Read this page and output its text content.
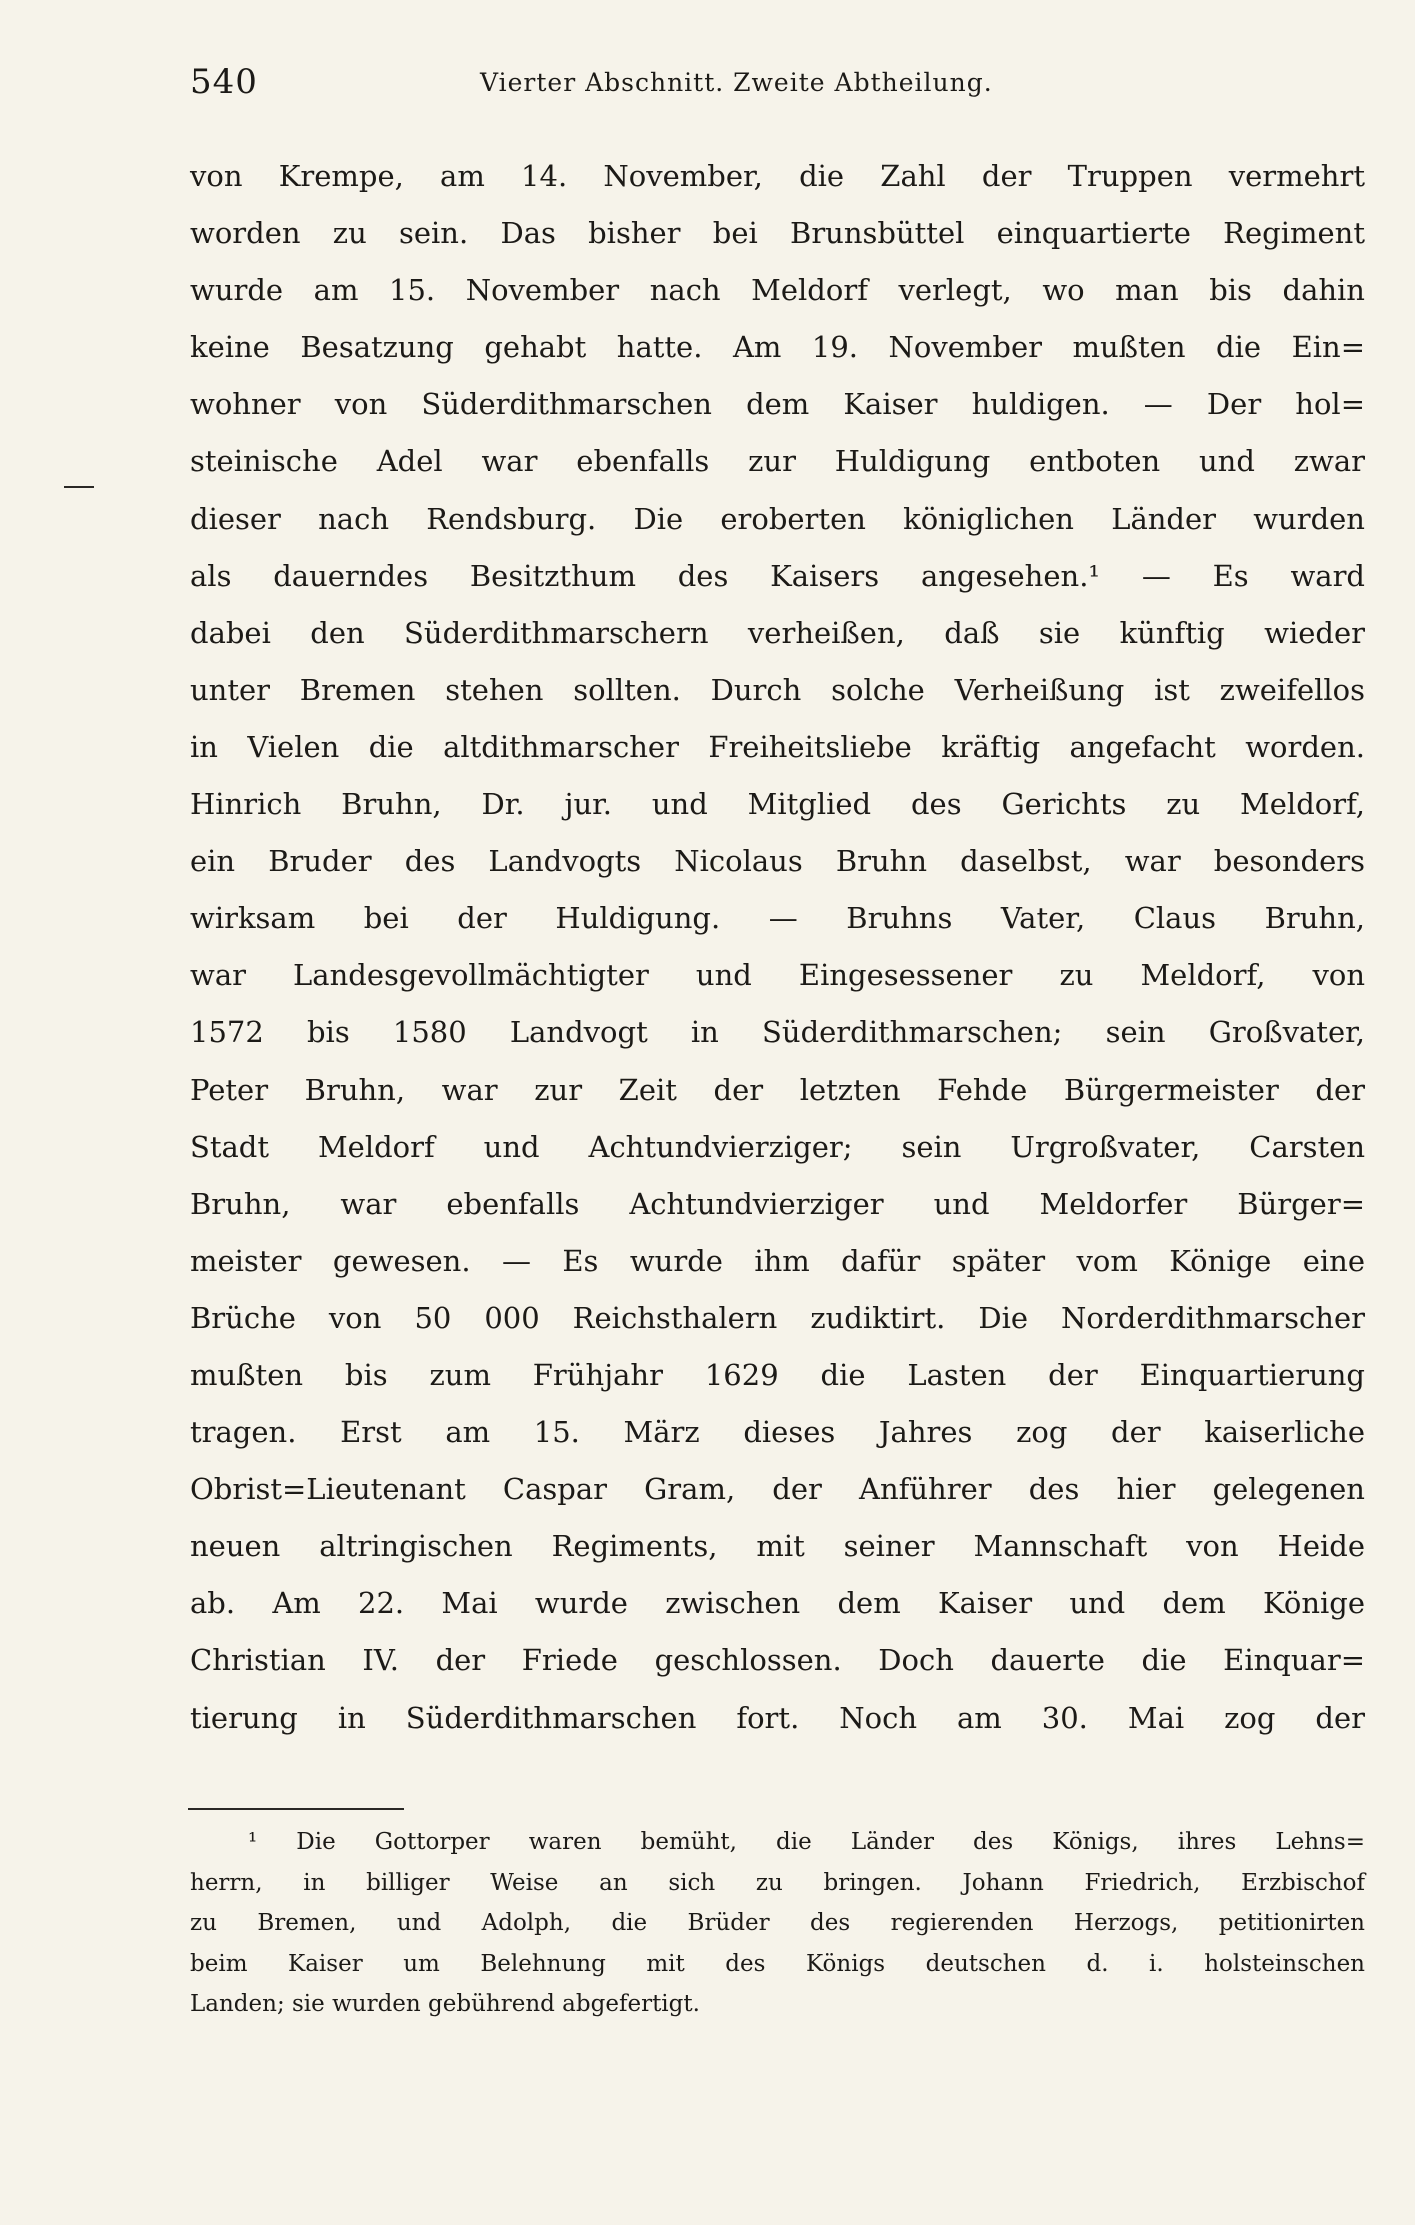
540	Vierter Abschnitt. Zweite Abtheilung.
von Krempe, am 14. November, die Zahl der Truppen vermehrt
worden zu sein. Das bisher bei Brunsbüttel einquartierte Regiment
wurde am 15. November nach Meldorf verlegt, wo man bis dahin
keine Besatzung gehabt hatte. Am 19. November mußten die Ein=
wohner von Süderdithmarschen dem Kaiser huldigen. — Der hol=
steinische Adel war ebenfalls zur Huldigung entboten und zwar
dieser nach Rendsburg. Die eroberten königlichen Länder wurden
als dauerndes Besitzthum des Kaisers angesehen.¹ — Es ward
dabei den Süderdithmarschern verheißen, daß sie künftig wieder
unter Bremen stehen sollten. Durch solche Verheißung ist zweifellos
in Vielen die altdithmarscher Freiheitsliebe kräftig angefacht worden.
Hinrich Bruhn, Dr. jur. und Mitglied des Gerichts zu Meldorf,
ein Bruder des Landvogts Nicolaus Bruhn daselbst, war besonders
wirksam bei der Huldigung. — Bruhns Vater, Claus Bruhn,
war Landesgevollmächtigter und Eingesessener zu Meldorf, von
1572 bis 1580 Landvogt in Süderdithmarschen; sein Großvater,
Peter Bruhn, war zur Zeit der letzten Fehde Bürgermeister der
Stadt Meldorf und Achtundvierziger; sein Urgroßvater, Carsten
Bruhn, war ebenfalls Achtundvierziger und Meldorfer Bürger=
meister gewesen. — Es wurde ihm dafür später vom Könige eine
Brüche von 50 000 Reichsthalern zudiktirt. Die Norderdithmarscher
mußten bis zum Frühjahr 1629 die Lasten der Einquartierung
tragen. Erst am 15. März dieses Jahres zog der kaiserliche
Obrist=Lieutenant Caspar Gram, der Anführer des hier gelegenen
neuen altringischen Regiments, mit seiner Mannschaft von Heide
ab. Am 22. Mai wurde zwischen dem Kaiser und dem Könige
Christian IV. der Friede geschlossen. Doch dauerte die Einquar=
tierung in Süderdithmarschen fort. Noch am 30. Mai zog der
¹ Die Gottorper waren bemüht, die Länder des Königs, ihres Lehns=
herrn, in billiger Weise an sich zu bringen. Johann Friedrich, Erzbischof
zu Bremen, und Adolph, die Brüder des regierenden Herzogs, petitionirten
beim Kaiser um Belehnung mit des Königs deutschen d. i. holsteinschen
Landen; sie wurden gebührend abgefertigt.
